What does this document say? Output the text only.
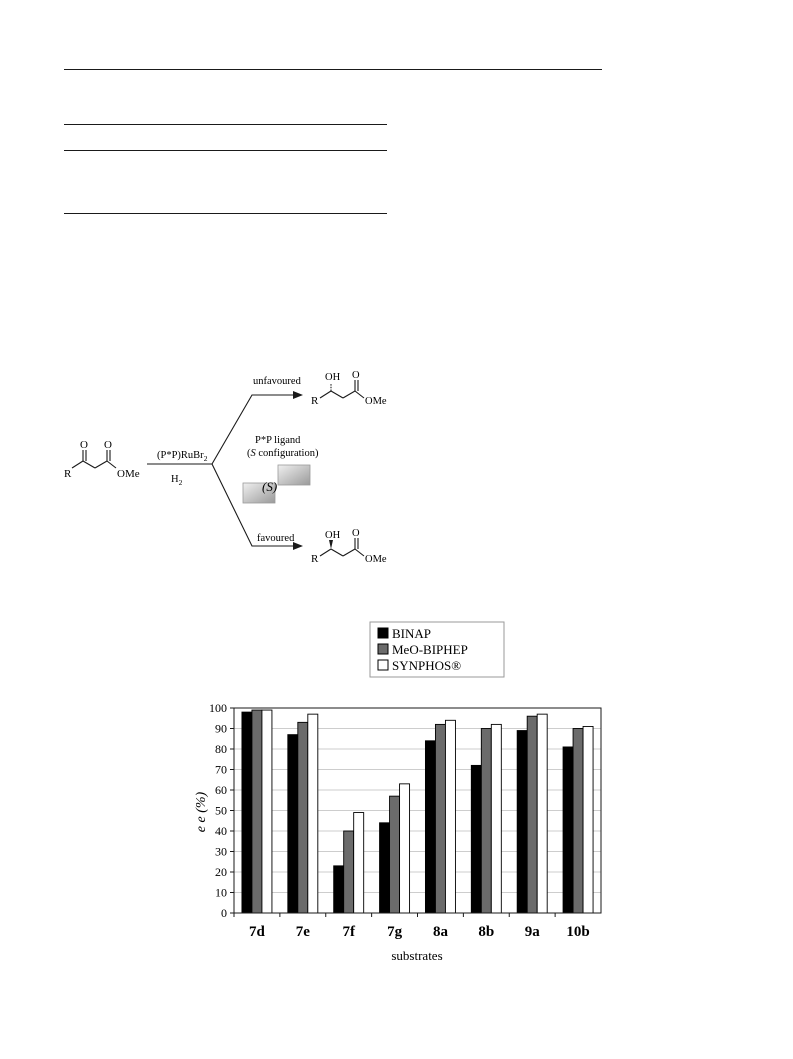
R
O O
OMe
(P*P)RuBr$_2$
$H_2$
unfavoured
favoured
P*P ligand
(S configuration)
(S)
OH
R
O
OMe
OH
R
O
OMe
BINAP
MeO-BIPHEP
SYNPHOS®
0
10
20
30
40
50
60
70
80
90
100
7d 7e 7f 7g 8a 8b 9a 10b
e e (%)
substrates
